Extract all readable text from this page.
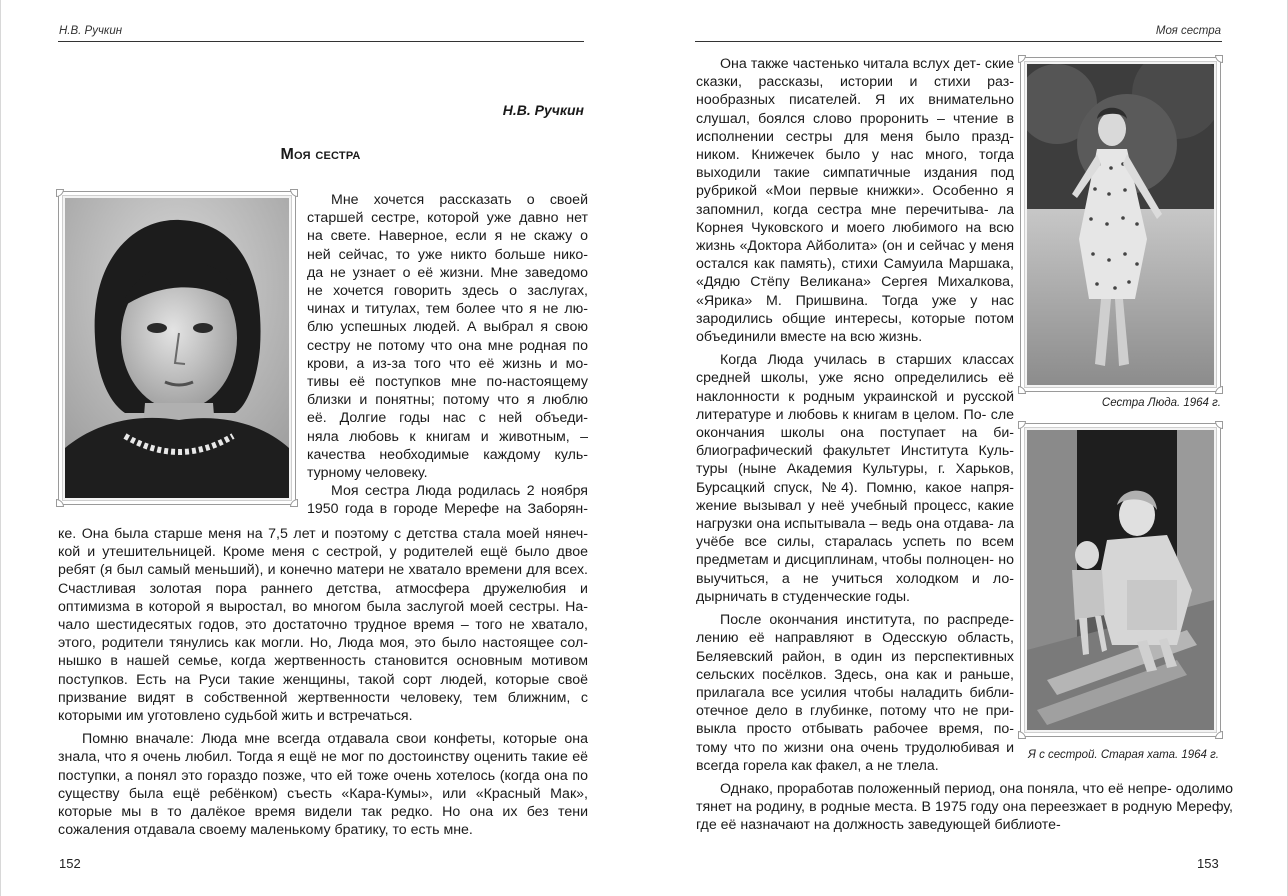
Н.В. Ручкин
Н.В. Ручкин
Моя сестра
Мне хочется рассказать о своей
старшей сестре, которой уже давно нет
на свете. Наверное, если я не скажу о
ней сейчас, то уже никто больше нико-
да не узнает о её жизни. Мне заведомо
не хочется говорить здесь о заслугах,
чинах и титулах, тем более что я не лю-
блю успешных людей. А выбрал я свою
сестру не потому что она мне родная по
крови, а из-за того что её жизнь и мо-
тивы её поступков мне по-настоящему
близки и понятны; потому что я люблю
её. Долгие годы нас с ней объеди-
няла любовь к книгам и животным, –
качества необходимые каждому куль-
турному человеку.
Моя сестра Люда родилась 2 ноября
1950 года в городе Мерефе на Заборян-

ке. Она была старше меня на 7,5 лет и поэтому с детства стала моей нянеч- кой и утешительницей. Кроме меня с сестрой, у родителей ещё было двое ребят (я был самый меньший), и конечно матери не хватало времени для всех. Счастливая золотая пора раннего детства, атмосфера дружелюбия и оптимизма в которой я выростал, во многом была заслугой моей сестры. На- чало шестидесятых годов, это достаточно трудное время – того не хватало, этого, родители тянулись как могли. Но, Люда моя, это было настоящее сол- нышко в нашей семье, когда жертвенность становится основным мотивом поступков. Есть на Руси такие женщины, такой сорт людей, которые своё призвание видят в собственной жертвенности человеку, тем ближним, с которыми им уготовлено судьбой жить и встречаться.

Помню вначале: Люда мне всегда отдавала свои конфеты, которые она знала, что я очень любил. Тогда я ещё не мог по достоинству оценить такие её поступки, а понял это гораздо позже, что ей тоже очень хотелось (когда она по существу была ещё ребёнком) съесть «Кара-Кумы», или «Красный Мак», которые мы в то далёкое время видели так редко. Но она их без тени сожаления отдавала своему маленькому братику, то есть мне.

152
Моя сестра
Сестра Люда. 1964 г.
Я с сестрой. Старая хата. 1964 г.

Она также частенько читала вслух дет- ские сказки, рассказы, истории и стихи раз- нообразных писателей. Я их внимательно слушал, боялся слово проронить – чтение в исполнении сестры для меня было празд- ником. Книжечек было у нас много, тогда выходили такие симпатичные издания под рубрикой «Мои первые книжки». Особенно я запомнил, когда сестра мне перечитыва- ла Корнея Чуковского и моего любимого на всю жизнь «Доктора Айболита» (он и сейчас у меня остался как память), стихи Самуила Маршака, «Дядю Стёпу Великана» Сергея Михалкова, «Ярика» М. Пришвина. Тогда уже у нас зародились общие интересы, которые потом объединили вместе на всю жизнь.

Когда Люда училась в старших классах средней школы, уже ясно определились её наклонности к родным украинской и русской литературе и любовь к книгам в целом. По- сле окончания школы она поступает на би- блиографический факультет Института Куль- туры (ныне Академия Культуры, г. Харьков, Бурсацкий спуск, №4). Помню, какое напря- жение вызывал у неё учебный процесс, какие нагрузки она испытывала – ведь она отдава- ла учёбе все силы, старалась успеть по всем предметам и дисциплинам, чтобы полноцен- но выучиться, а не учиться холодком и ло- дырничать в студенческие годы.

После окончания института, по распреде- лению её направляют в Одесскую область, Беляевский район, в один из перспективных сельских посёлков. Здесь, она как и раньше, прилагала все усилия чтобы наладить библи- отечное дело в глубинке, потому что не при- выкла просто отбывать рабочее время, по- тому что по жизни она очень трудолюбивая и всегда горела как факел, а не тлела.

Однако, проработав положенный период, она поняла, что её непре- одолимо тянет на родину, в родные места. В 1975 году она переезжает в родную Мерефу, где её назначают на должность заведующей библиоте-

153
